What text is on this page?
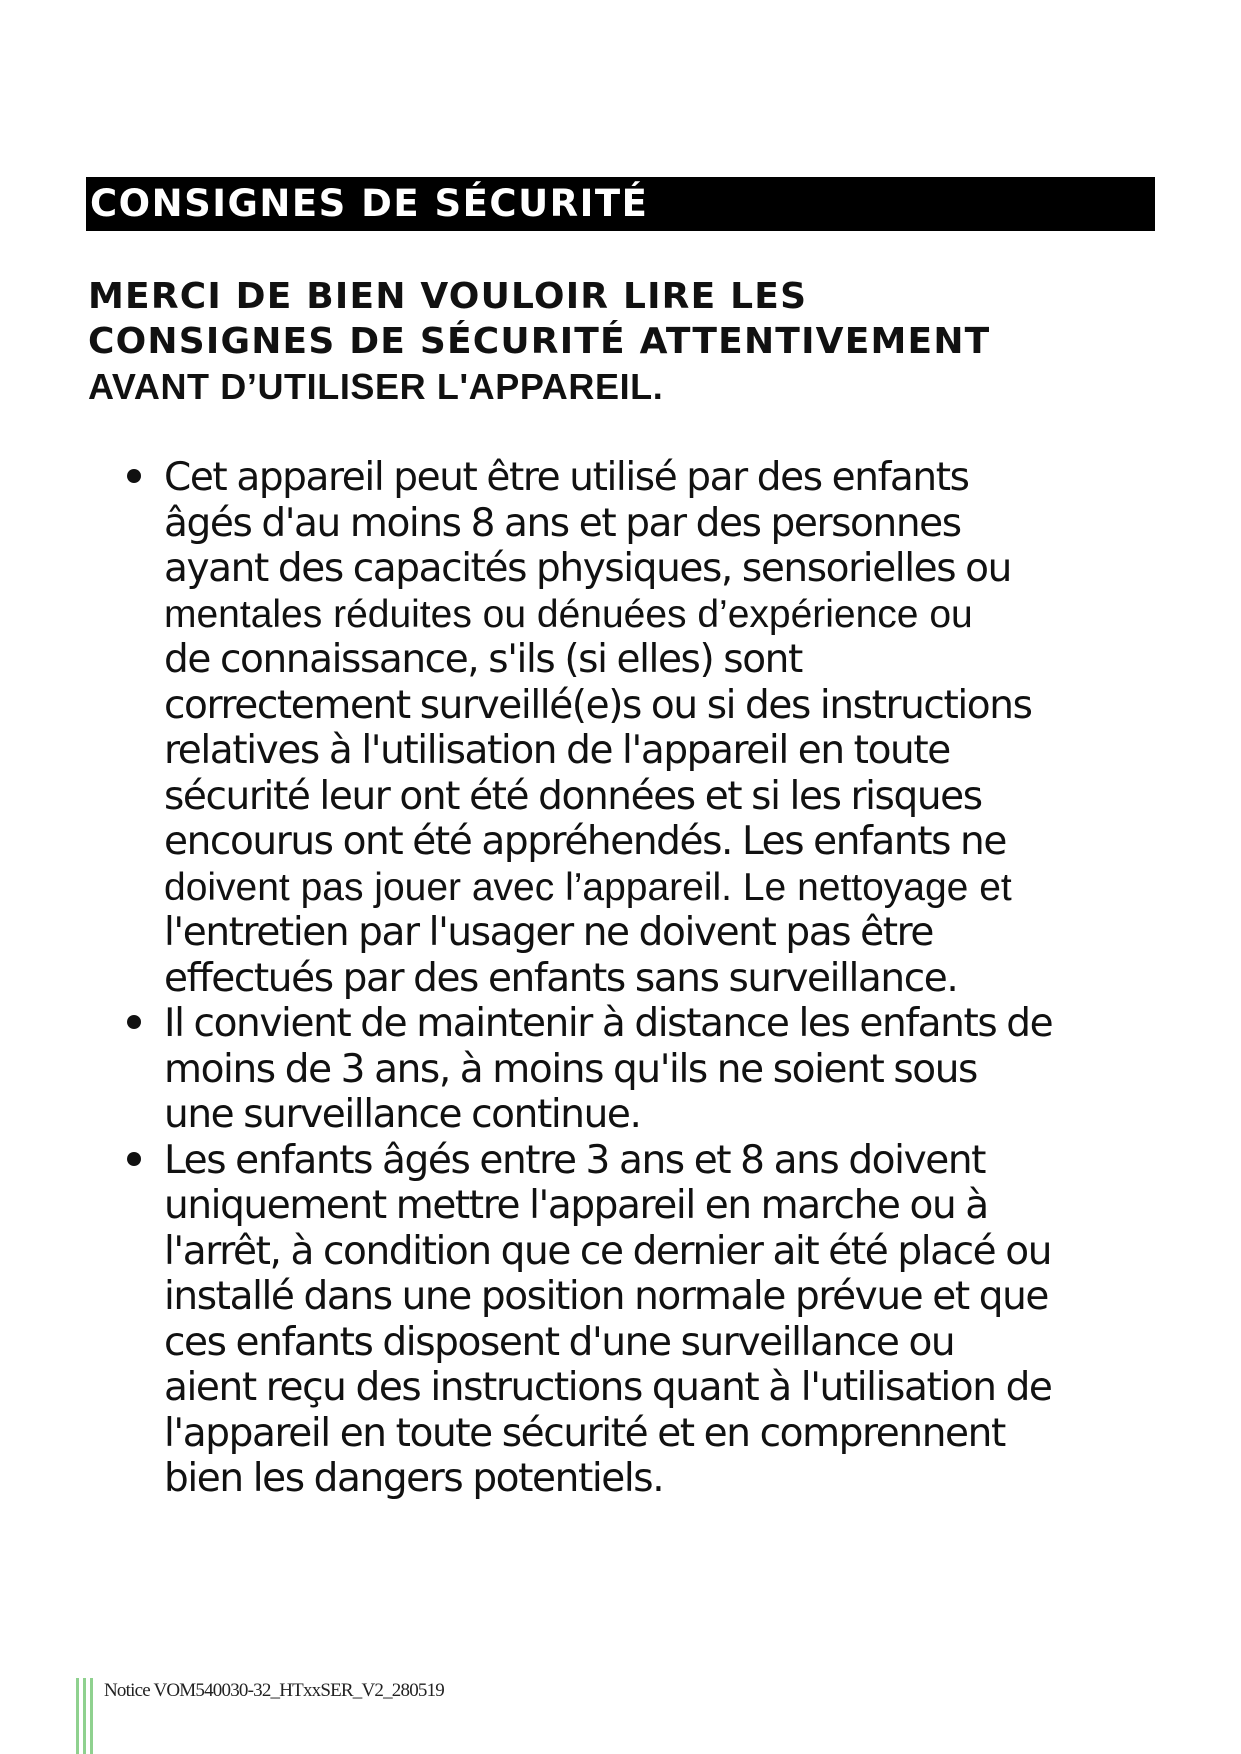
CONSIGNES DE SÉCURITÉ
MERCI DE BIEN VOULOIR LIRE LES
CONSIGNES DE SÉCURITÉ ATTENTIVEMENT
AVANT D’UTILISER L'APPAREIL.
Cet appareil peut être utilisé par des enfants
âgés d'au moins 8 ans et par des personnes
ayant des capacités physiques, sensorielles ou
mentales réduites ou dénuées d’expérience ou
de connaissance, s'ils (si elles) sont
correctement surveillé(e)s ou si des instructions
relatives à l'utilisation de l'appareil en toute
sécurité leur ont été données et si les risques
encourus ont été appréhendés. Les enfants ne
doivent pas jouer avec l’appareil. Le nettoyage et
l'entretien par l'usager ne doivent pas être
effectués par des enfants sans surveillance.
Il convient de maintenir à distance les enfants de
moins de 3 ans, à moins qu'ils ne soient sous
une surveillance continue.
Les enfants âgés entre 3 ans et 8 ans doivent
uniquement mettre l'appareil en marche ou à
l'arrêt, à condition que ce dernier ait été placé ou
installé dans une position normale prévue et que
ces enfants disposent d'une surveillance ou
aient reçu des instructions quant à l'utilisation de
l'appareil en toute sécurité et en comprennent
bien les dangers potentiels.
Notice VOM540030-32_HTxxSER_V2_280519
